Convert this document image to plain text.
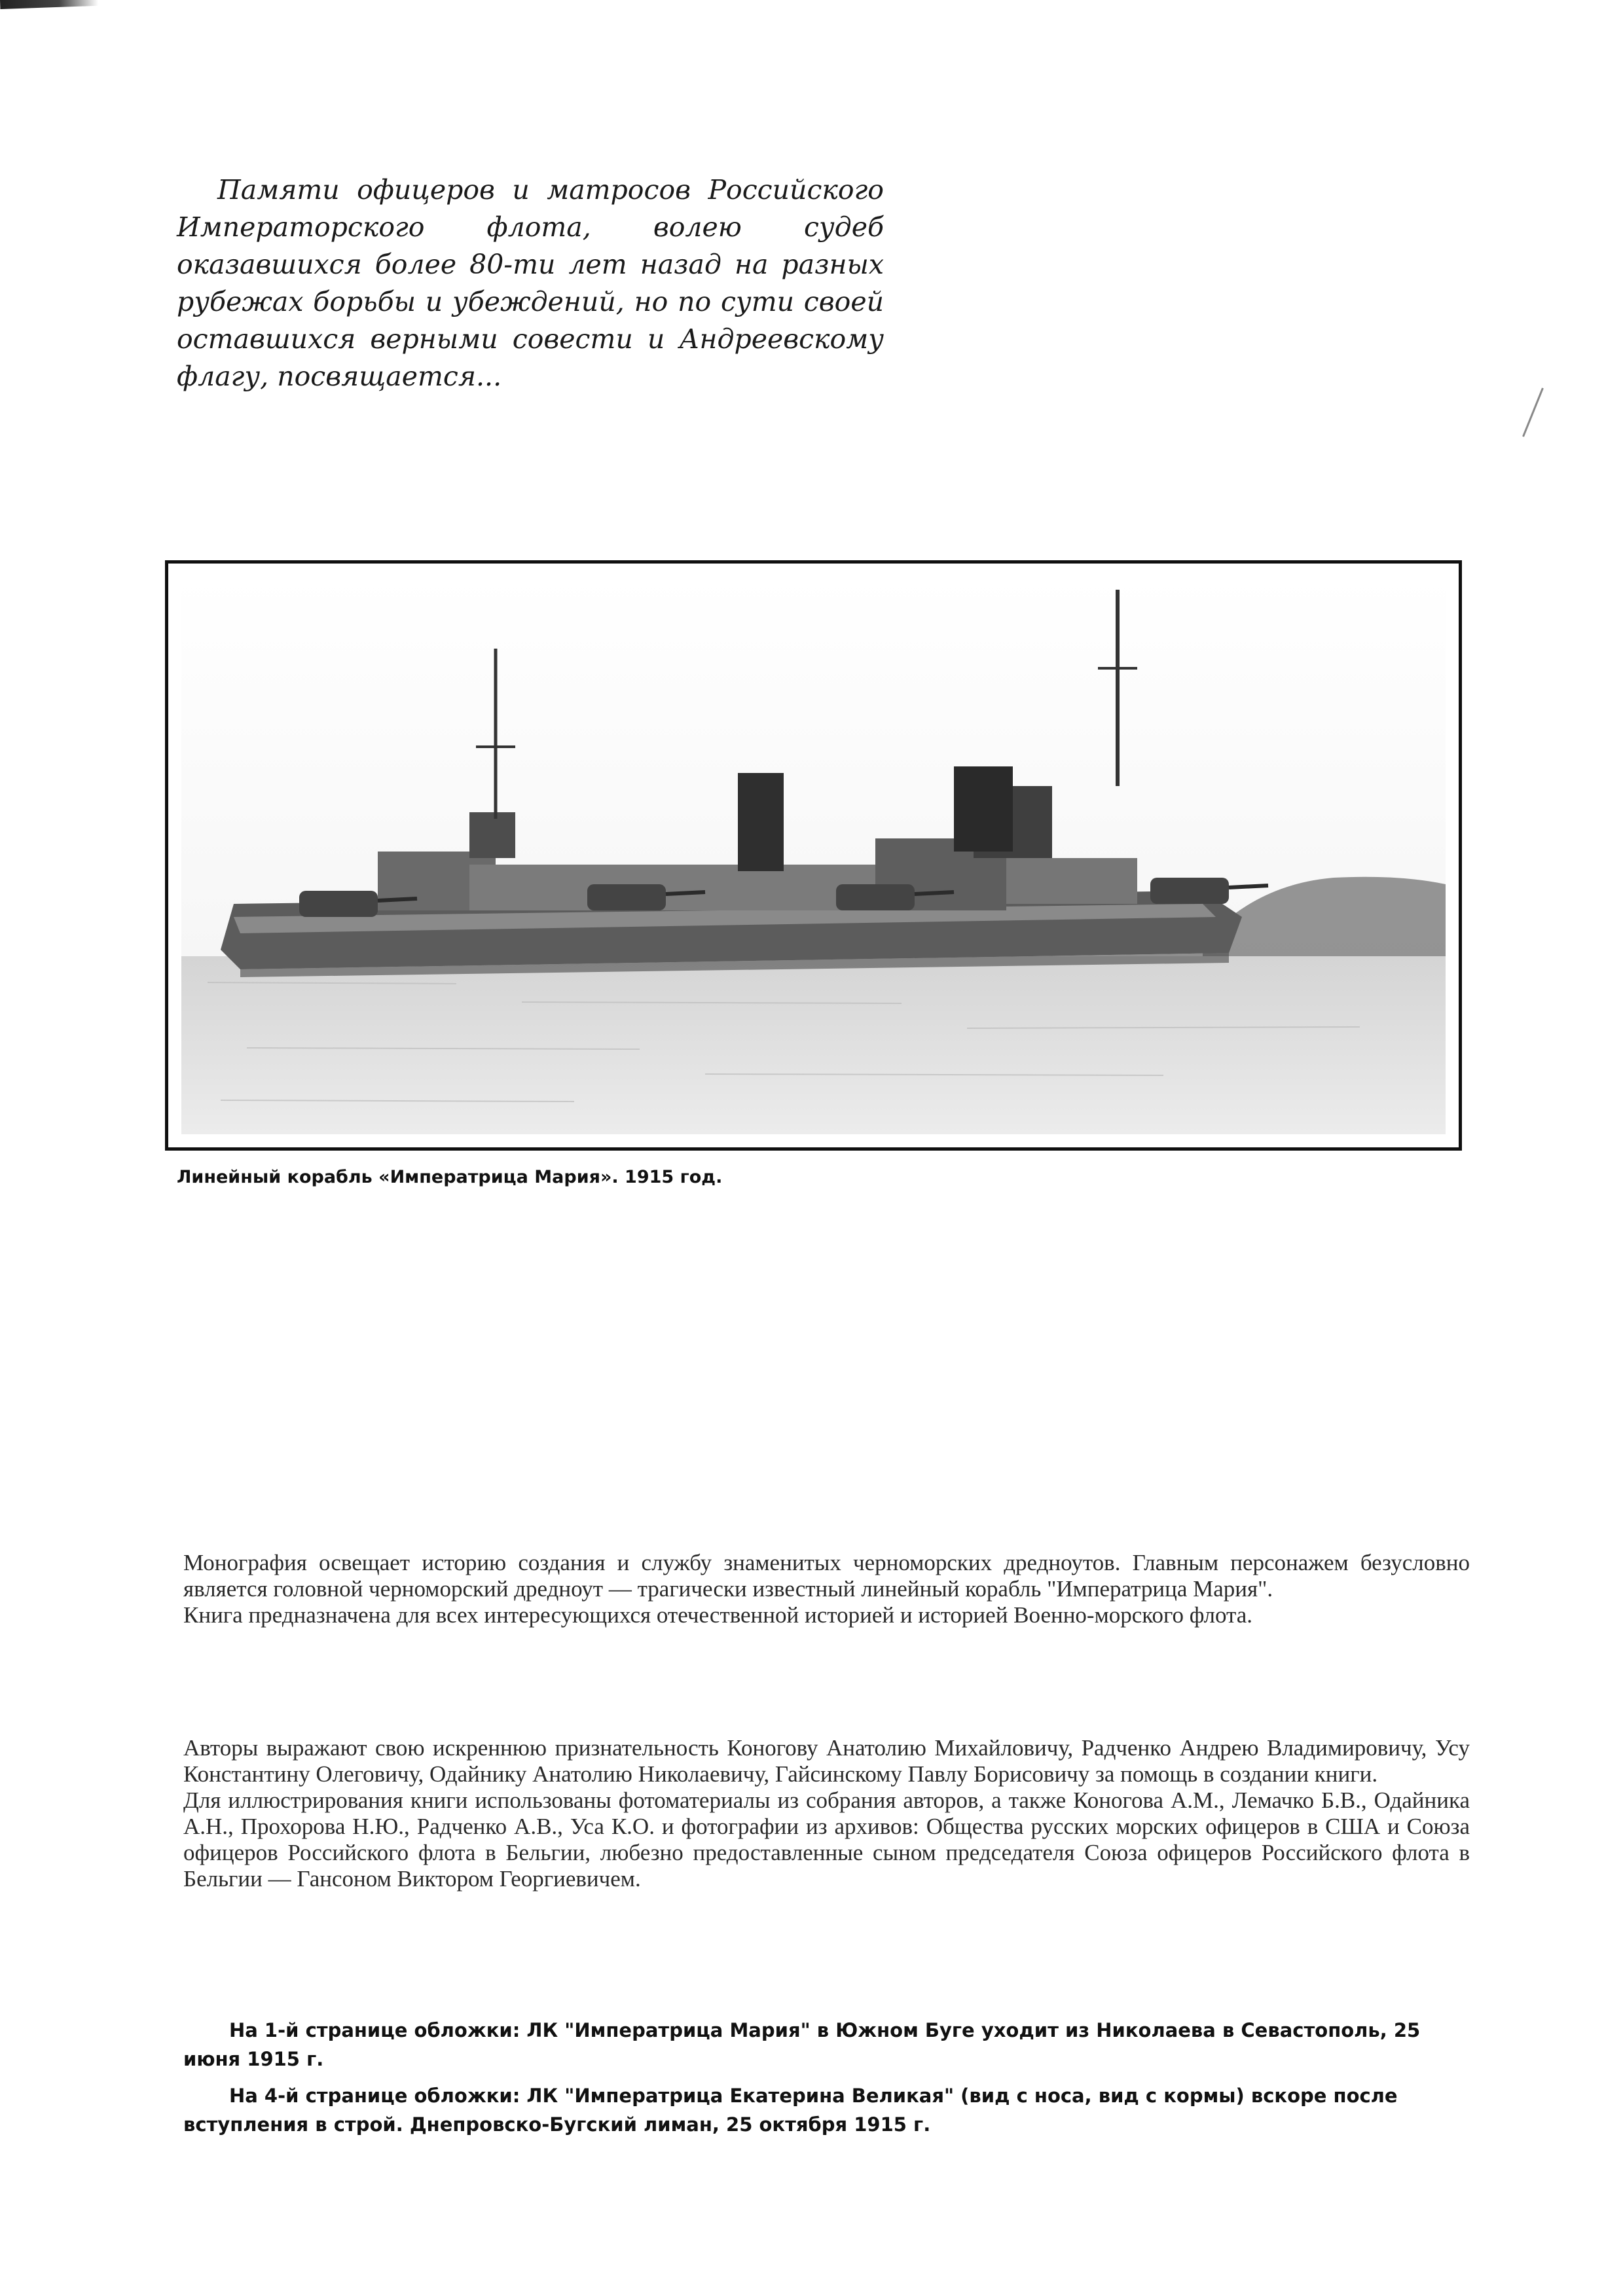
Памяти офицеров и матросов Российского Императорского флота, волею судеб оказавшихся более 80-ти лет назад на разных рубежах борьбы и убеждений, но по сути своей оставшихся верными совести и Андреевскому флагу, посвящается...
Линейный корабль «Императрица Мария». 1915 год.

Монография освещает историю создания и службу знаменитых черноморских дредноутов. Главным персонажем безусловно является головной черноморский дредноут — трагически известный линейный корабль "Императрица Мария".

Книга предназначена для всех интересующихся отечественной историей и историей Военно-морского флота.

Авторы выражают свою искреннюю признательность Коногову Анатолию Михайловичу, Радченко Андрею Владимировичу, Усу Константину Олеговичу, Одайнику Анатолию Николаевичу, Гайсинскому Павлу Борисовичу за помощь в создании книги.

Для иллюстрирования книги использованы фотоматериалы из собрания авторов, а также Коногова А.М., Лемачко Б.В., Одайника А.Н., Прохорова Н.Ю., Радченко А.В., Уса К.О. и фотографии из архивов: Общества русских морских офицеров в США и Союза офицеров Российского флота в Бельгии, любезно предоставленные сыном председателя Союза офицеров Российского флота в Бельгии — Гансоном Виктором Георгиевичем.

На 1-й странице обложки: ЛК "Императрица Мария" в Южном Буге уходит из Николаева в Севастополь, 25 июня 1915 г.

На 4-й странице обложки: ЛК "Императрица Екатерина Великая" (вид с носа, вид с кормы) вскоре после вступления в строй. Днепровско-Бугский лиман, 25 октября 1915 г.
